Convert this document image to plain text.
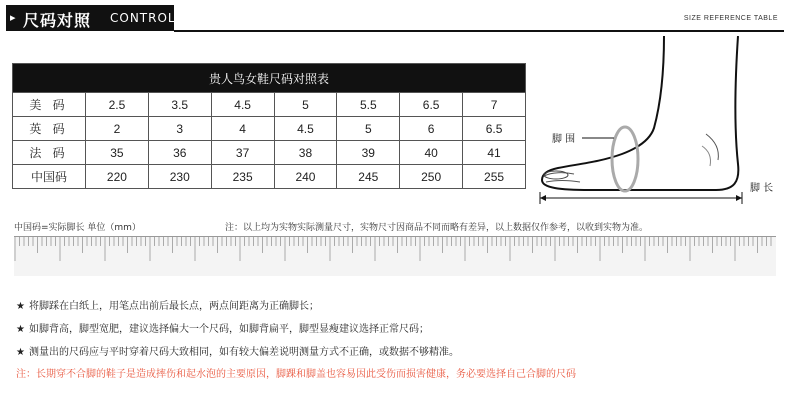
▸ 尺码对照 CONTROL	SIZE REFERENCE TABLE
贵人鸟女鞋尺码对照表							
美 码	2.5	3.5	4.5	5	5.5	6.5	7
英 码	2	3	4	4.5	5	6	6.5
法 码	35	36	37	38	39	40	41
中国码	220	230	235	240	245	250	255
脚 围
脚 长
中国码=实际脚长 单位（mm）	注：以上均为实物实际测量尺寸，实物尺寸因商品不同而略有差异，以上数据仅作参考，以收到实物为准。
★ 将脚踩在白纸上，用笔点出前后最长点，两点间距离为正确脚长；
★ 如脚背高，脚型宽肥，建议选择偏大一个尺码，如脚背扁平，脚型显瘦建议选择正常尺码；
★ 测量出的尺码应与平时穿着尺码大致相同，如有较大偏差说明测量方式不正确，或数据不够精准。
注：长期穿不合脚的鞋子是造成摔伤和起水泡的主要原因，脚踝和脚盖也容易因此受伤而损害健康，务必要选择自己合脚的尺码
